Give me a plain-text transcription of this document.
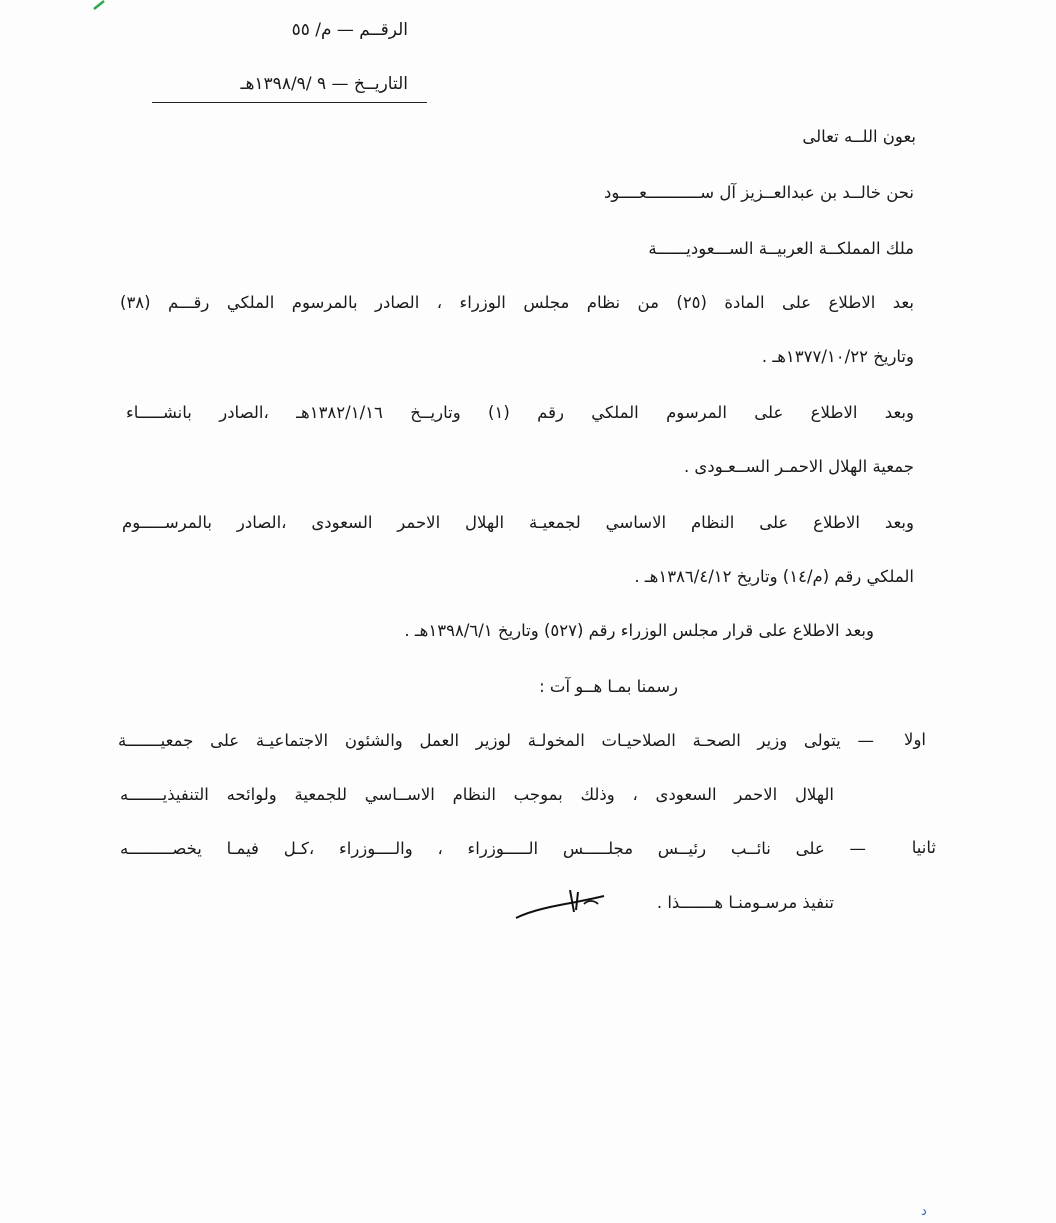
الرقــم — م/ ٥٥
التاريــخ — ٩ /١٣٩٨/٩هـ
بعون اللــه تعالى
نحن خالــد بن عبدالعــزيز آل ســـــــــــعــــود
ملك المملكــة العربيــة الســـعوديــــــة
بعد الاطلاع على المادة (٢٥) من نظام مجلس الوزراء ، الصادر بالمرسوم الملكي رقـــم (٣٨)
وتاريخ ١٣٧٧/١٠/٢٢هـ .
وبعد الاطلاع على المرسوم الملكي رقم (١) وتاريــخ ١٣٨٢/١/١٦هـ ،الصادر بانشـــــاء
جمعية الهلال الاحمـر الســعـودى .
وبعد الاطلاع على النظام الاساسي لجمعيـة الهلال الاحمر السعودى ،الصادر بالمرســـــوم
الملكي رقم (م/١٤) وتاريخ ١٣٨٦/٤/١٢هـ .
وبعد الاطلاع على قرار مجلس الوزراء رقم (٥٢٧) وتاريخ ١٣٩٨/٦/١هـ .
رسمنا بمـا هــو آت :
اولا
— يتولى وزير الصحـة الصلاحيـات المخولـة لوزير العمل والشئون الاجتماعيـة على جمعيـــــــة
الهلال الاحمر السعودى ، وذلك بموجب النظام الاســاسي للجمعية ولوائحه التنفيذيـــــــه
ثانيا
— على نائــب رئيــس مجلـــــس الـــــوزراء ، والــــوزراء ،كـل فيمـا يخصـــــــــه
تنفيذ مرسـومنـا هـــــــذا .
د
